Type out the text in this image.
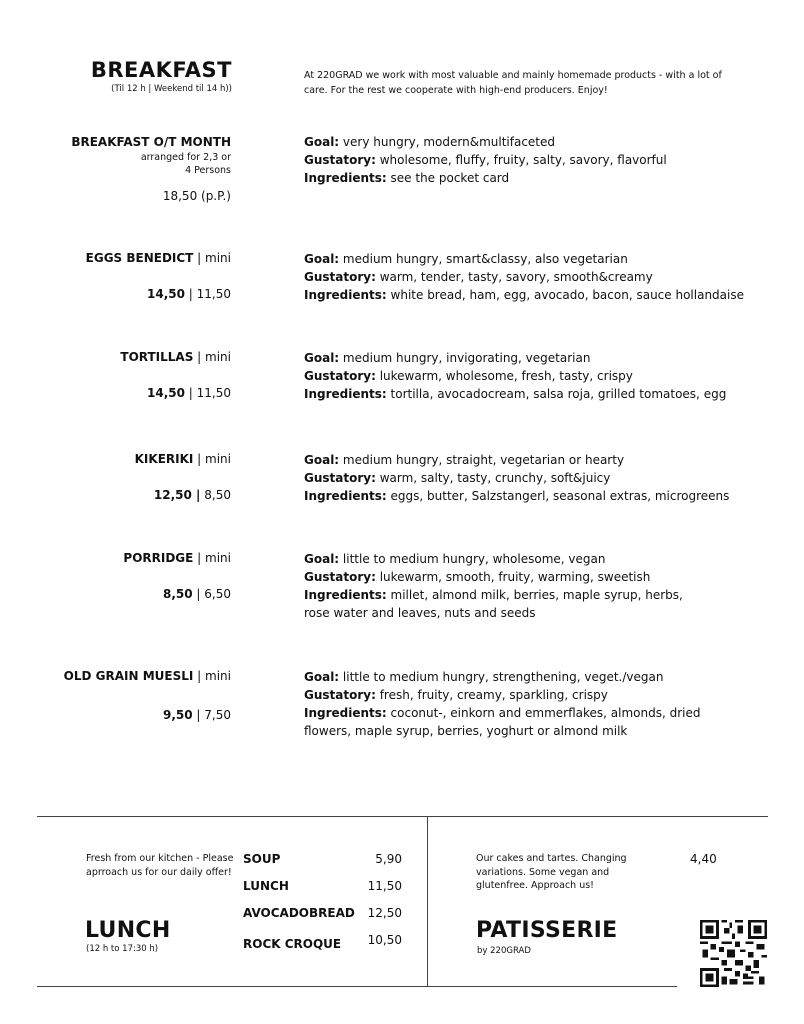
BREAKFAST
(Til 12 h | Weekend til 14 h))
At 220GRAD we work with most valuable and mainly homemade products - with a lot of care. For the rest we cooperate with high-end producers. Enjoy!
BREAKFAST O/T MONTH
arranged for 2,3 or 4 Persons
18,50 (p.P.)
Goal: very hungry, modern&multifaceted
Gustatory: wholesome, fluffy, fruity, salty, savory, flavorful
Ingredients: see the pocket card
EGGS BENEDICT | mini
14,50 | 11,50
Goal: medium hungry, smart&classy, also vegetarian
Gustatory: warm, tender, tasty, savory, smooth&creamy
Ingredients: white bread, ham, egg, avocado, bacon, sauce hollandaise
TORTILLAS | mini
14,50 | 11,50
Goal: medium hungry, invigorating, vegetarian
Gustatory: lukewarm, wholesome, fresh, tasty, crispy
Ingredients: tortilla, avocadocream, salsa roja, grilled tomatoes, egg
KIKERIKI | mini
12,50 | 8,50
Goal: medium hungry, straight, vegetarian or hearty
Gustatory: warm, salty, tasty, crunchy, soft&juicy
Ingredients: eggs, butter, Salzstangerl, seasonal extras, microgreens
PORRIDGE | mini
8,50 | 6,50
Goal: little to medium hungry, wholesome, vegan
Gustatory: lukewarm, smooth, fruity, warming, sweetish
Ingredients: millet, almond milk, berries, maple syrup, herbs,
rose water and leaves, nuts and seeds
OLD GRAIN MUESLI | mini
9,50 | 7,50
Goal: little to medium hungry, strengthening, veget./vegan
Gustatory: fresh, fruity, creamy, sparkling, crispy
Ingredients: coconut-, einkorn and emmerflakes, almonds, dried
flowers, maple syrup, berries, yoghurt or almond milk
Fresh from our kitchen - Please aprroach us for our daily offer!
LUNCH
(12 h to 17:30 h)
SOUP	5,90
LUNCH	11,50
AVOCADOBREAD	12,50
ROCK CROQUE	10,50
Our cakes and tartes. Changing variations. Some vegan and glutenfree. Approach us!
4,40
PATISSERIE
by 220GRAD
